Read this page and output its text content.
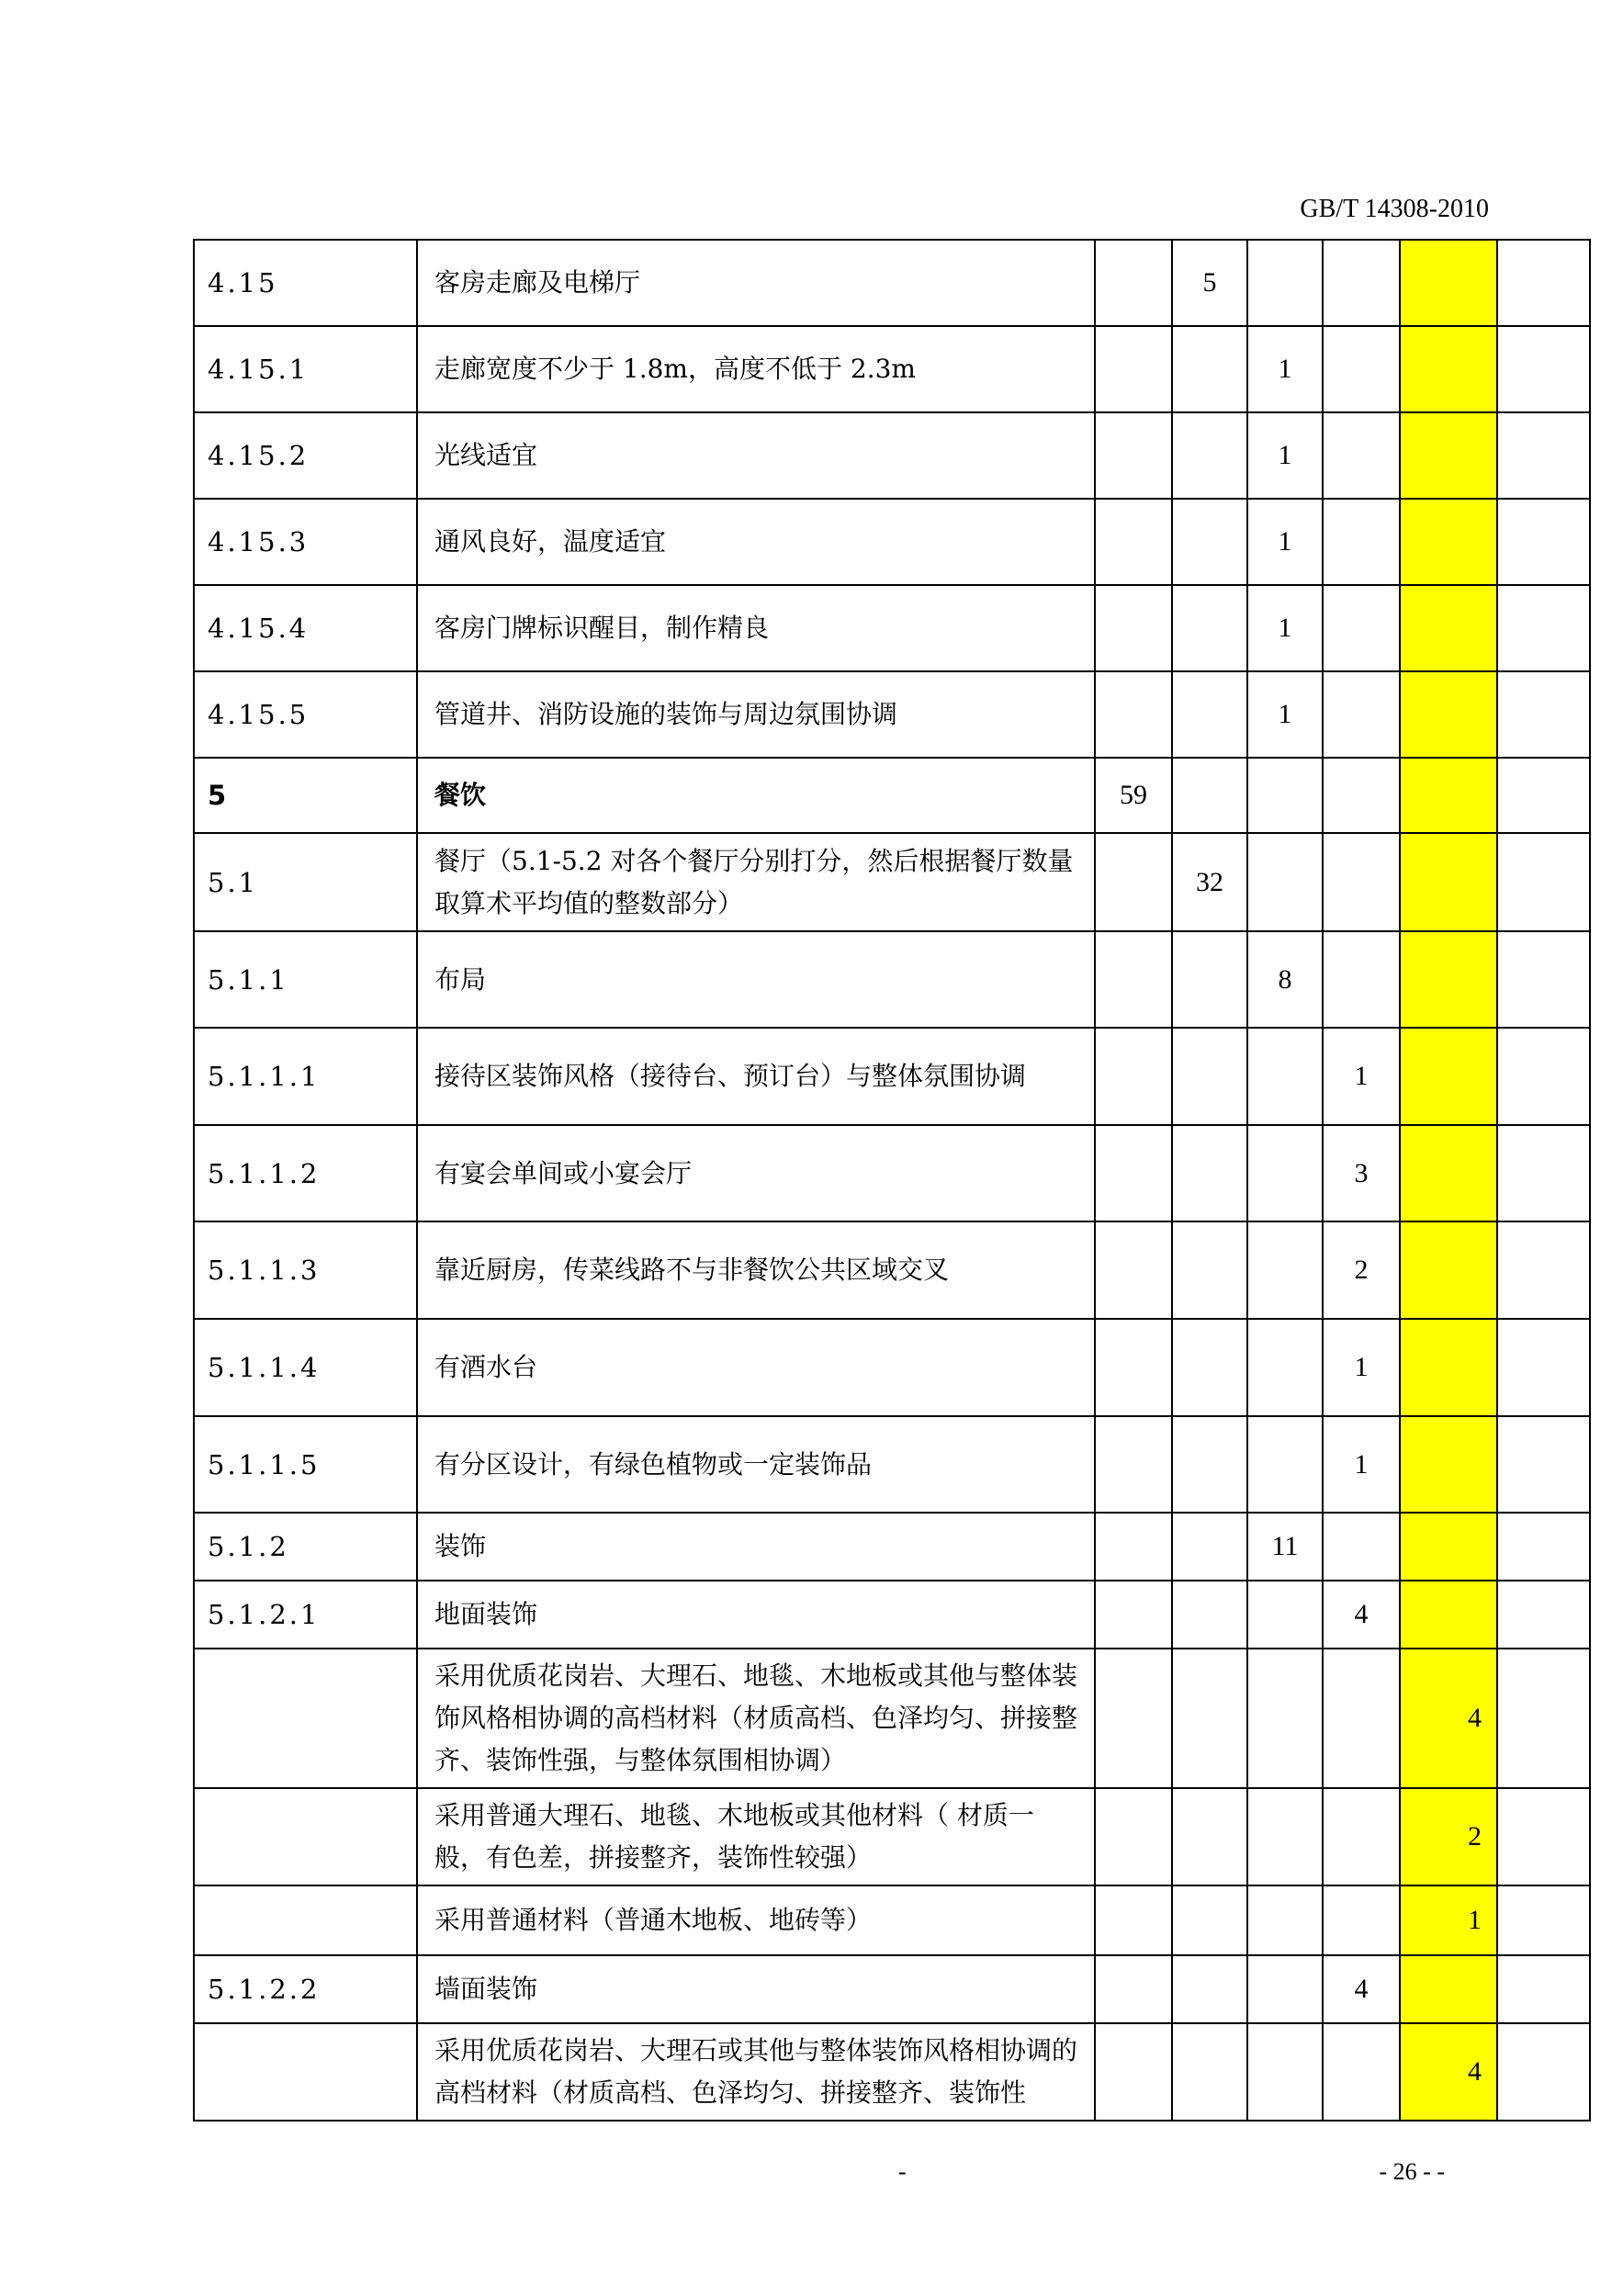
GB/T 14308-2010
4.15	客房走廊及电梯厅		5				
4.15.1	走廊宽度不少于 1.8m，高度不低于 2.3m			1			
4.15.2	光线适宜			1			
4.15.3	通风良好，温度适宜			1			
4.15.4	客房门牌标识醒目，制作精良			1			
4.15.5	管道井、消防设施的装饰与周边氛围协调			1			
5	餐饮	59					
5.1	餐厅（5.1-5.2 对各个餐厅分别打分，然后根据餐厅数量取算术平均值的整数部分）		32				
5.1.1	布局			8			
5.1.1.1	接待区装饰风格（接待台、预订台）与整体氛围协调				1		
5.1.1.2	有宴会单间或小宴会厅				3		
5.1.1.3	靠近厨房，传菜线路不与非餐饮公共区域交叉				2		
5.1.1.4	有酒水台				1		
5.1.1.5	有分区设计，有绿色植物或一定装饰品				1		
5.1.2	装饰			11			
5.1.2.1	地面装饰				4		
	采用优质花岗岩、大理石、地毯、木地板或其他与整体装饰风格相协调的高档材料（材质高档、色泽均匀、拼接整齐、装饰性强，与整体氛围相协调）					4	
	采用普通大理石、地毯、木地板或其他材料（ 材质一般，有色差，拼接整齐，装饰性较强）					2	
	采用普通材料（普通木地板、地砖等）					1	
5.1.2.2	墙面装饰				4		
	采用优质花岗岩、大理石或其他与整体装饰风格相协调的高档材料（材质高档、色泽均匀、拼接整齐、装饰性					4	
-	- 26 - -
